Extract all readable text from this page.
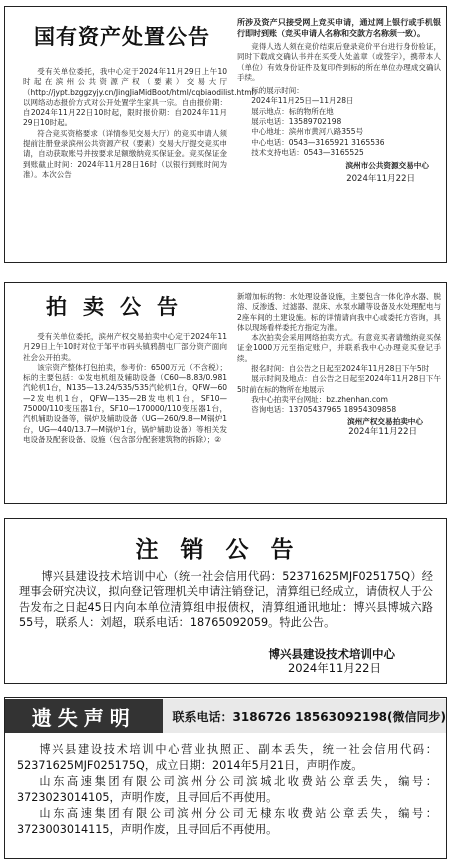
国有资产处置公告

受有关单位委托，我中心定于2024年11月29日上午10时起在滨州公共资源产权（要素）交易大厅（http://jypt.bzggzyjy.cn/JingJiaMidBoot/html/cqbiaodilist.html）以网络动态报价方式对公开处置学生家具一宗。自由报价期：自2024年11月22日10时起，限时报价期：自2024年11月29日10时起。

符合竞买资格要求（详情参见交易大厅）的竞买申请人须提前注册登录滨州公共资源产权（要素）交易大厅提交竞买申请，自动获取账号并按要求足额缴纳竞买保证金。竞买保证金到账截止时间：2024年11月28日16时（以银行到账时间为准）。本次公告

所涉及资产只接受网上竞买申请，通过网上银行或手机银行即时到账（竞买申请人名称和交款方名称须一致）。

竞得人选人须在竞价结束后登录竞价平台进行身份验证，同时下载成交确认书并在买受人处盖章（或签字），携带本人（单位）有效身份证件及复印件到标的所在单位办理成交确认手续。

标的展示时间：
2024年11月25日—11月28日
展示地点：标的物所在地
展示电话：13589702198
中心地址：滨州市黄河八路355号
中心电话：0543—3165921 3165536
技术支持电话：0543—3165525
滨州市公共资源交易中心
2024年11月22日
拍卖公告

受有关单位委托，滨州产权交易拍卖中心定于2024年11月29日上午10时对位于邹平市码头镇鸦鹊屯厂部分资产面向社会公开拍卖。

该宗资产整体打包拍卖，参考价：6500万元（不含税）；标的主要包括：①发电机组及辅助设备（C60—8.83/0.981汽轮机1台，N135—13.24/535/535汽轮机1台，QFW—60—2发电机1台，QFW—135—2B发电机1台，SF10—75000/110变压器1台，SF10—170000/110变压器1台，汽机辅助设备等，锅炉及辅助设备（UG—260/9.8—M锅炉1台，UG—440/13.7—M锅炉1台，锅炉辅助设备）等相关发电设备及配套设备、设施（包含部分配套建筑物的拆除）；②

新增加标的物：水处理设备设施，主要包含一体化净水器、脱溶、反渗透、过滤器、混床、水泵水罐等设备及水处理配电与2座车间的土建设施。标的详情请向我中心或委托方咨询，具体以现场看样委托方指定为准。

本次拍卖会采用网络拍卖方式。有意竞买者请缴纳竞买保证金1000万元至指定账户，并联系我中心办理竞买登记手续。

报名时间：自公告之日起至2024年11月28日下午5时

展示时间及地点：自公告之日起至2024年11月28日下午5时前在标的物所在地展示

我中心拍卖平台网址：bz.zhenhan.com
咨询电话：13705437965 18954309858
滨州产权交易拍卖中心
2024年11月22日
注销公告

博兴县建设技术培训中心（统一社会信用代码：52371625MJF025175Q）经理事会研究决议，拟向登记管理机关申请注销登记，清算组已经成立，请债权人于公告发布之日起45日内向本单位清算组申报债权，清算组通讯地址：博兴县博城六路55号，联系人：刘超，联系电话：18765092059。特此公告。

博兴县建设技术培训中心
2024年11月22日
遗失声明	联系电话：3186726 18563092198(微信同步)

博兴县建设技术培训中心营业执照正、副本丢失，统一社会信用代码：52371625MJF025175Q，成立日期：2014年5月21日，声明作废。

山东高速集团有限公司滨州分公司滨城北收费站公章丢失，编号：3723023014105，声明作废，且寻回后不再使用。

山东高速集团有限公司滨州分公司无棣东收费站公章丢失，编号：3723003014115，声明作废，且寻回后不再使用。
